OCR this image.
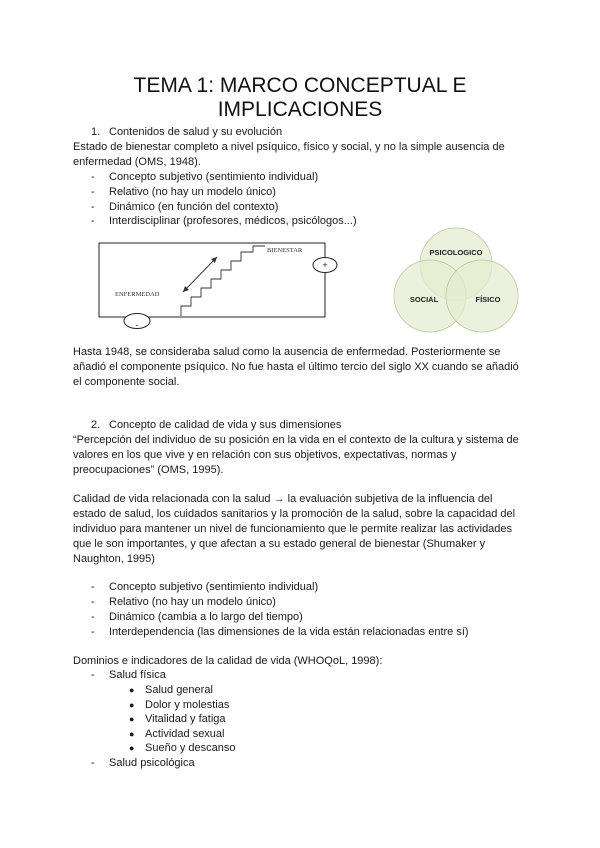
TEMA 1: MARCO CONCEPTUAL E
IMPLICACIONES
1. Contenidos de salud y su evolución
Estado de bienestar completo a nivel psíquico, físico y social, y no la simple ausencia de
enfermedad (OMS, 1948).
- Concepto subjetivo (sentimiento individual)
- Relativo (no hay un modelo único)
- Dinámico (en función del contexto)
- Interdisciplinar (profesores, médicos, psicólogos...)
BIENESTAR
ENFERMEDAD
+
-
PSICOLOGICO
SOCIAL	FÍSICO
Hasta 1948, se consideraba salud como la ausencia de enfermedad. Posteriormente se
añadió el componente psíquico. No fue hasta el último tercio del siglo XX cuando se añadió
el componente social.
2. Concepto de calidad de vida y sus dimensiones
“Percepción del individuo de su posición en la vida en el contexto de la cultura y sistema de
valores en los que vive y en relación con sus objetivos, expectativas, normas y
preocupaciones” (OMS, 1995).
Calidad de vida relacionada con la salud → la evaluación subjetiva de la influencia del
estado de salud, los cuidados sanitarios y la promoción de la salud, sobre la capacidad del
individuo para mantener un nivel de funcionamiento que le permite realizar las actividades
que le son importantes, y que afectan a su estado general de bienestar (Shumaker y
Naughton, 1995)
- Concepto subjetivo (sentimiento individual)
- Relativo (no hay un modelo único)
- Dinámico (cambia a lo largo del tiempo)
- Interdependencia (las dimensiones de la vida están relacionadas entre sí)
Dominios e indicadores de la calidad de vida (WHOQoL, 1998):
- Salud física
● Salud general
● Dolor y molestias
● Vitalidad y fatiga
● Actividad sexual
● Sueño y descanso
- Salud psicológica
